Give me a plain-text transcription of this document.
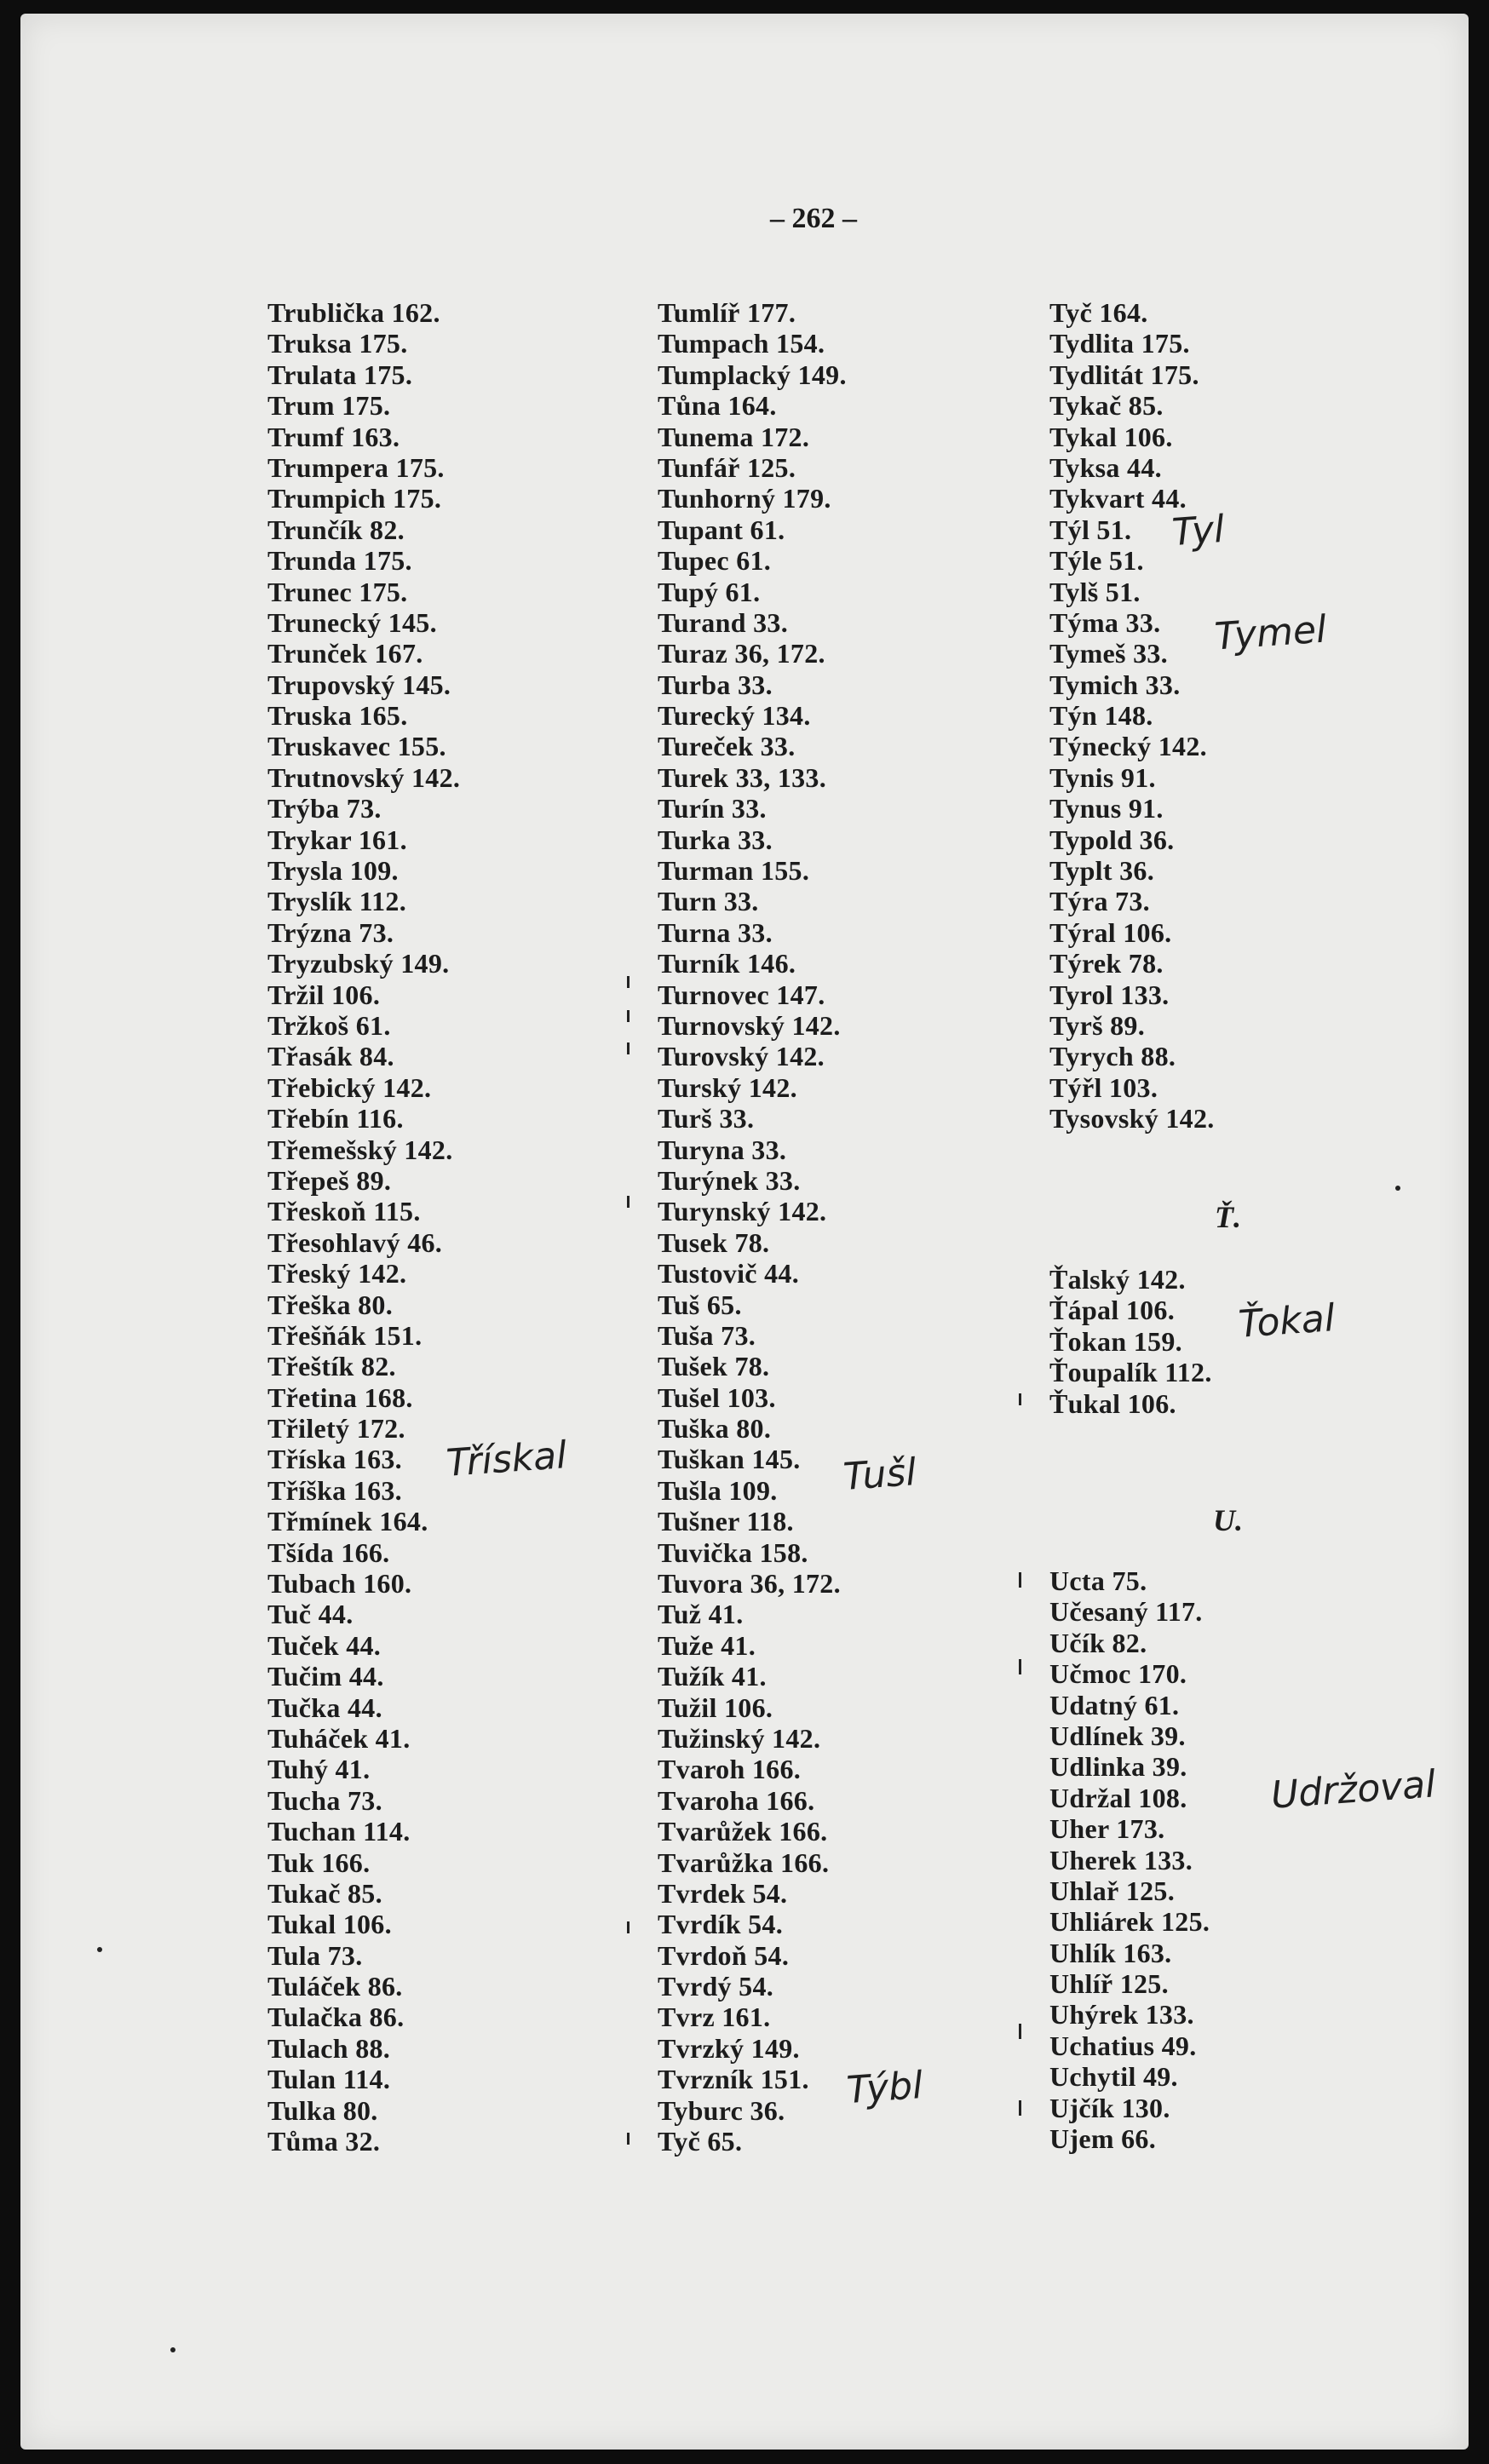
– 262 –
Trublička 162.
Truksa 175.
Trulata 175.
Trum 175.
Trumf 163.
Trumpera 175.
Trumpich 175.
Trunčík 82.
Trunda 175.
Trunec 175.
Trunecký 145.
Trunček 167.
Trupovský 145.
Truska 165.
Truskavec 155.
Trutnovský 142.
Trýba 73.
Trykar 161.
Trysla 109.
Tryslík 112.
Trýzna 73.
Tryzubský 149.
Tržil 106.
Tržkoš 61.
Třasák 84.
Třebický 142.
Třebín 116.
Třemešský 142.
Třepeš 89.
Třeskoň 115.
Třesohlavý 46.
Třeský 142.
Třeška 80.
Třešňák 151.
Třeštík 82.
Třetina 168.
Třiletý 172.
Tříska 163.
Tříška 163.
Třmínek 164.
Tšída 166.
Tubach 160.
Tuč 44.
Tuček 44.
Tučim 44.
Tučka 44.
Tuháček 41.
Tuhý 41.
Tucha 73.
Tuchan 114.
Tuk 166.
Tukač 85.
Tukal 106.
Tula 73.
Tuláček 86.
Tulačka 86.
Tulach 88.
Tulan 114.
Tulka 80.
Tůma 32.
Tumlíř 177.
Tumpach 154.
Tumplacký 149.
Tůna 164.
Tunema 172.
Tunfář 125.
Tunhorný 179.
Tupant 61.
Tupec 61.
Tupý 61.
Turand 33.
Turaz 36, 172.
Turba 33.
Turecký 134.
Tureček 33.
Turek 33, 133.
Turín 33.
Turka 33.
Turman 155.
Turn 33.
Turna 33.
Turník 146.
Turnovec 147.
Turnovský 142.
Turovský 142.
Turský 142.
Turš 33.
Turyna 33.
Turýnek 33.
Turynský 142.
Tusek 78.
Tustovič 44.
Tuš 65.
Tuša 73.
Tušek 78.
Tušel 103.
Tuška 80.
Tuškan 145.
Tušla 109.
Tušner 118.
Tuvička 158.
Tuvora 36, 172.
Tuž 41.
Tuže 41.
Tužík 41.
Tužil 106.
Tužinský 142.
Tvaroh 166.
Tvaroha 166.
Tvarůžek 166.
Tvarůžka 166.
Tvrdek 54.
Tvrdík 54.
Tvrdoň 54.
Tvrdý 54.
Tvrz 161.
Tvrzký 149.
Tvrzník 151.
Tyburc 36.
Tyč 65.
Tyč 164.
Tydlita 175.
Tydlitát 175.
Tykač 85.
Tykal 106.
Tyksa 44.
Tykvart 44.
Týl 51.
Týle 51.
Tylš 51.
Týma 33.
Tymeš 33.
Tymich 33.
Týn 148.
Týnecký 142.
Tynis 91.
Tynus 91.
Typold 36.
Typlt 36.
Týra 73.
Týral 106.
Týrek 78.
Tyrol 133.
Tyrš 89.
Tyrych 88.
Týřl 103.
Tysovský 142.
Ťalský 142.
Ťápal 106.
Ťokan 159.
Ťoupalík 112.
Ťukal 106.
Ucta 75.
Učesaný 117.
Učík 82.
Učmoc 170.
Udatný 61.
Udlínek 39.
Udlinka 39.
Udržal 108.
Uher 173.
Uherek 133.
Uhlař 125.
Uhliárek 125.
Uhlík 163.
Uhlíř 125.
Uhýrek 133.
Uchatius 49.
Uchytil 49.
Ujčík 130.
Ujem 66.
Ť.
U.
Tyl
Tymel
Ťokal
Třískal	Tušl
Udržoval
Týbl
